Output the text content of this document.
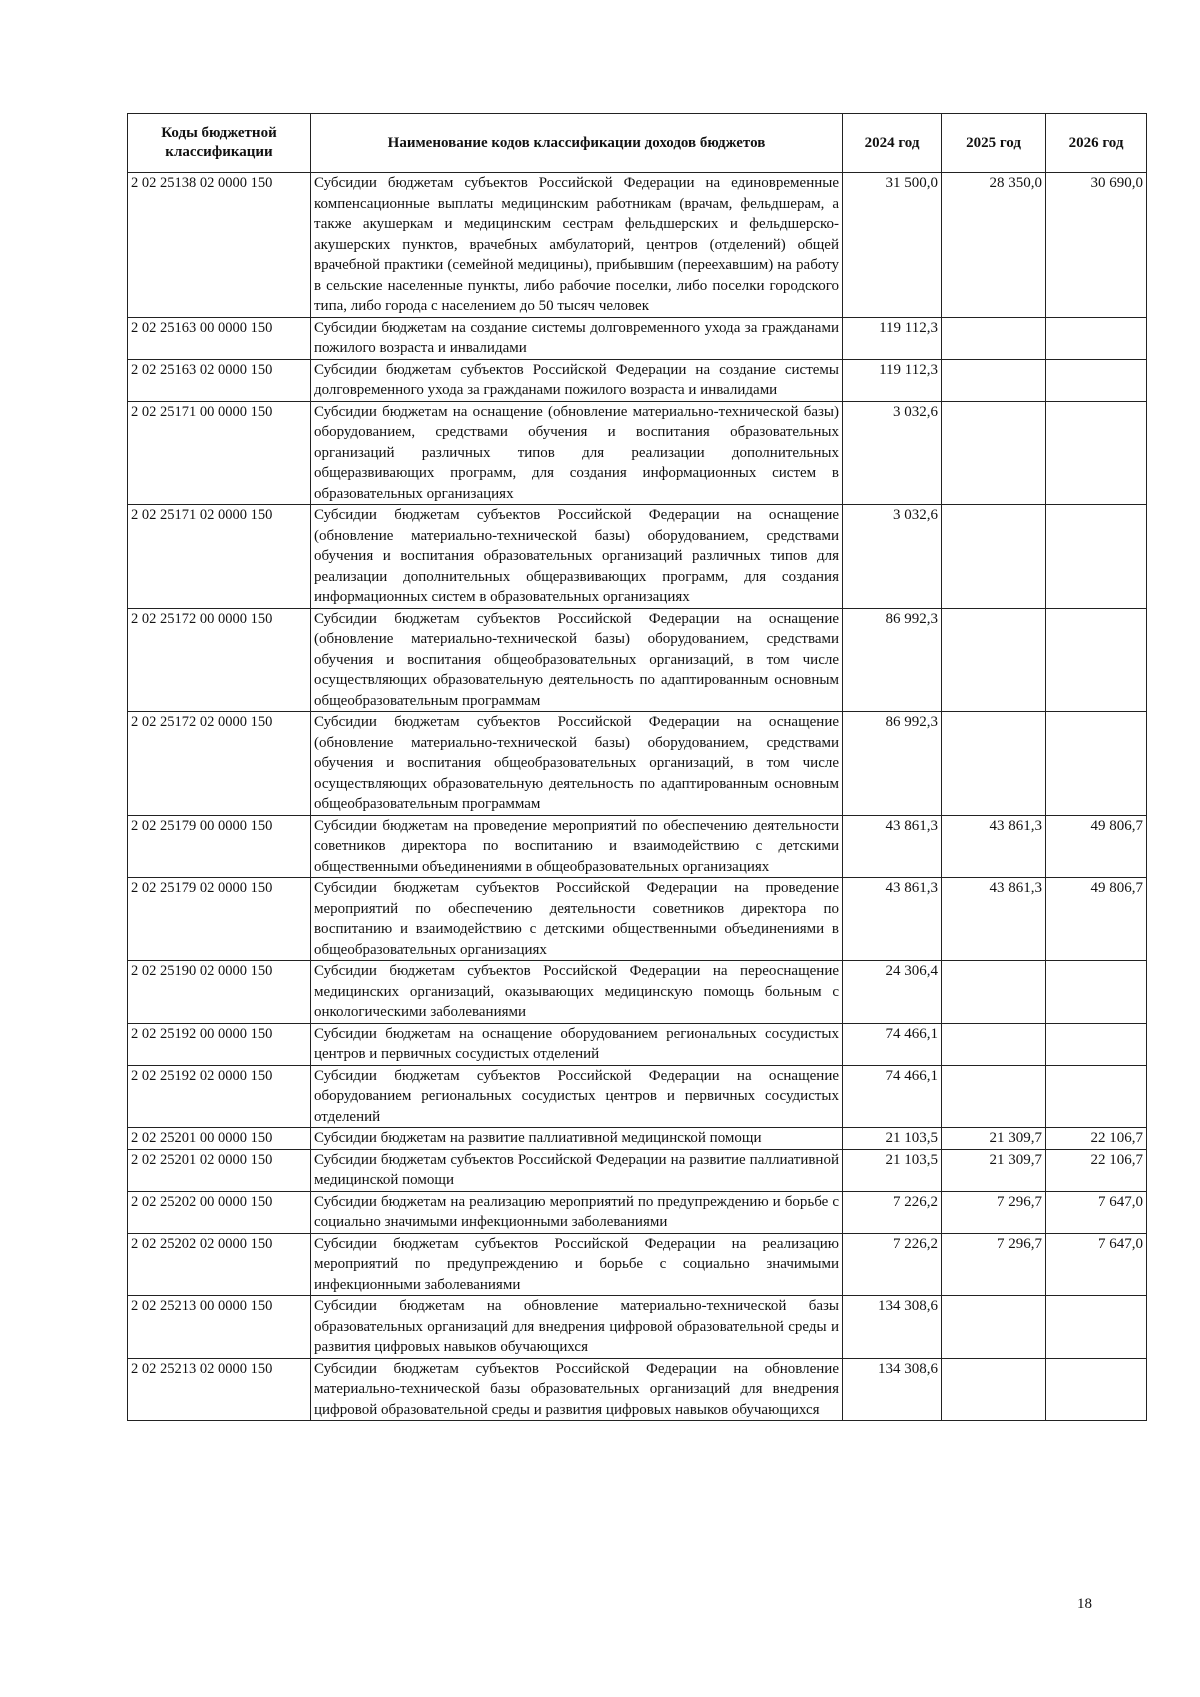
Коды бюджетной классификации	Наименование кодов классификации доходов бюджетов	2024 год	2025 год	2026 год
2 02 25138 02 0000 150	Субсидии бюджетам субъектов Российской Федерации на единовременные компенсационные выплаты медицинским работникам (врачам, фельдшерам, а также акушеркам и медицинским сестрам фельдшерских и фельдшерско-акушерских пунктов, врачебных амбулаторий, центров (отделений) общей врачебной практики (семейной медицины), прибывшим (переехавшим) на работу в сельские населенные пункты, либо рабочие поселки, либо поселки городского типа, либо города с населением до 50 тысяч человек	31 500,0	28 350,0	30 690,0
2 02 25163 00 0000 150	Субсидии бюджетам на создание системы долговременного ухода за гражданами пожилого возраста и инвалидами	119 112,3		
2 02 25163 02 0000 150	Субсидии бюджетам субъектов Российской Федерации на создание системы долговременного ухода за гражданами пожилого возраста и инвалидами	119 112,3		
2 02 25171 00 0000 150	Субсидии бюджетам на оснащение (обновление материально-технической базы) оборудованием, средствами обучения и воспитания образовательных организаций различных типов для реализации дополнительных общеразвивающих программ, для создания информационных систем в образовательных организациях	3 032,6		
2 02 25171 02 0000 150	Субсидии бюджетам субъектов Российской Федерации на оснащение (обновление материально-технической базы) оборудованием, средствами обучения и воспитания образовательных организаций различных типов для реализации дополнительных общеразвивающих программ, для создания информационных систем в образовательных организациях	3 032,6		
2 02 25172 00 0000 150	Субсидии бюджетам субъектов Российской Федерации на оснащение (обновление материально-технической базы) оборудованием, средствами обучения и воспитания общеобразовательных организаций, в том числе осуществляющих образовательную деятельность по адаптированным основным общеобразовательным программам	86 992,3		
2 02 25172 02 0000 150	Субсидии бюджетам субъектов Российской Федерации на оснащение (обновление материально-технической базы) оборудованием, средствами обучения и воспитания общеобразовательных организаций, в том числе осуществляющих образовательную деятельность по адаптированным основным общеобразовательным программам	86 992,3		
2 02 25179 00 0000 150	Субсидии бюджетам на проведение мероприятий по обеспечению деятельности советников директора по воспитанию и взаимодействию с детскими общественными объединениями в общеобразовательных организациях	43 861,3	43 861,3	49 806,7
2 02 25179 02 0000 150	Субсидии бюджетам субъектов Российской Федерации на проведение мероприятий по обеспечению деятельности советников директора по воспитанию и взаимодействию с детскими общественными объединениями в общеобразовательных организациях	43 861,3	43 861,3	49 806,7
2 02 25190 02 0000 150	Субсидии бюджетам субъектов Российской Федерации на переоснащение медицинских организаций, оказывающих медицинскую помощь больным с онкологическими заболеваниями	24 306,4		
2 02 25192 00 0000 150	Субсидии бюджетам на оснащение оборудованием региональных сосудистых центров и первичных сосудистых отделений	74 466,1		
2 02 25192 02 0000 150	Субсидии бюджетам субъектов Российской Федерации на оснащение оборудованием региональных сосудистых центров и первичных сосудистых отделений	74 466,1		
2 02 25201 00 0000 150	Субсидии бюджетам на развитие паллиативной медицинской помощи	21 103,5	21 309,7	22 106,7
2 02 25201 02 0000 150	Субсидии бюджетам субъектов Российской Федерации на развитие паллиативной медицинской помощи	21 103,5	21 309,7	22 106,7
2 02 25202 00 0000 150	Субсидии бюджетам на реализацию мероприятий по предупреждению и борьбе с социально значимыми инфекционными заболеваниями	7 226,2	7 296,7	7 647,0
2 02 25202 02 0000 150	Субсидии бюджетам субъектов Российской Федерации на реализацию мероприятий по предупреждению и борьбе с социально значимыми инфекционными заболеваниями	7 226,2	7 296,7	7 647,0
2 02 25213 00 0000 150	Субсидии бюджетам на обновление материально-технической базы образовательных организаций для внедрения цифровой образовательной среды и развития цифровых навыков обучающихся	134 308,6		
2 02 25213 02 0000 150	Субсидии бюджетам субъектов Российской Федерации на обновление материально-технической базы образовательных организаций для внедрения цифровой образовательной среды и развития цифровых навыков обучающихся	134 308,6		
18
